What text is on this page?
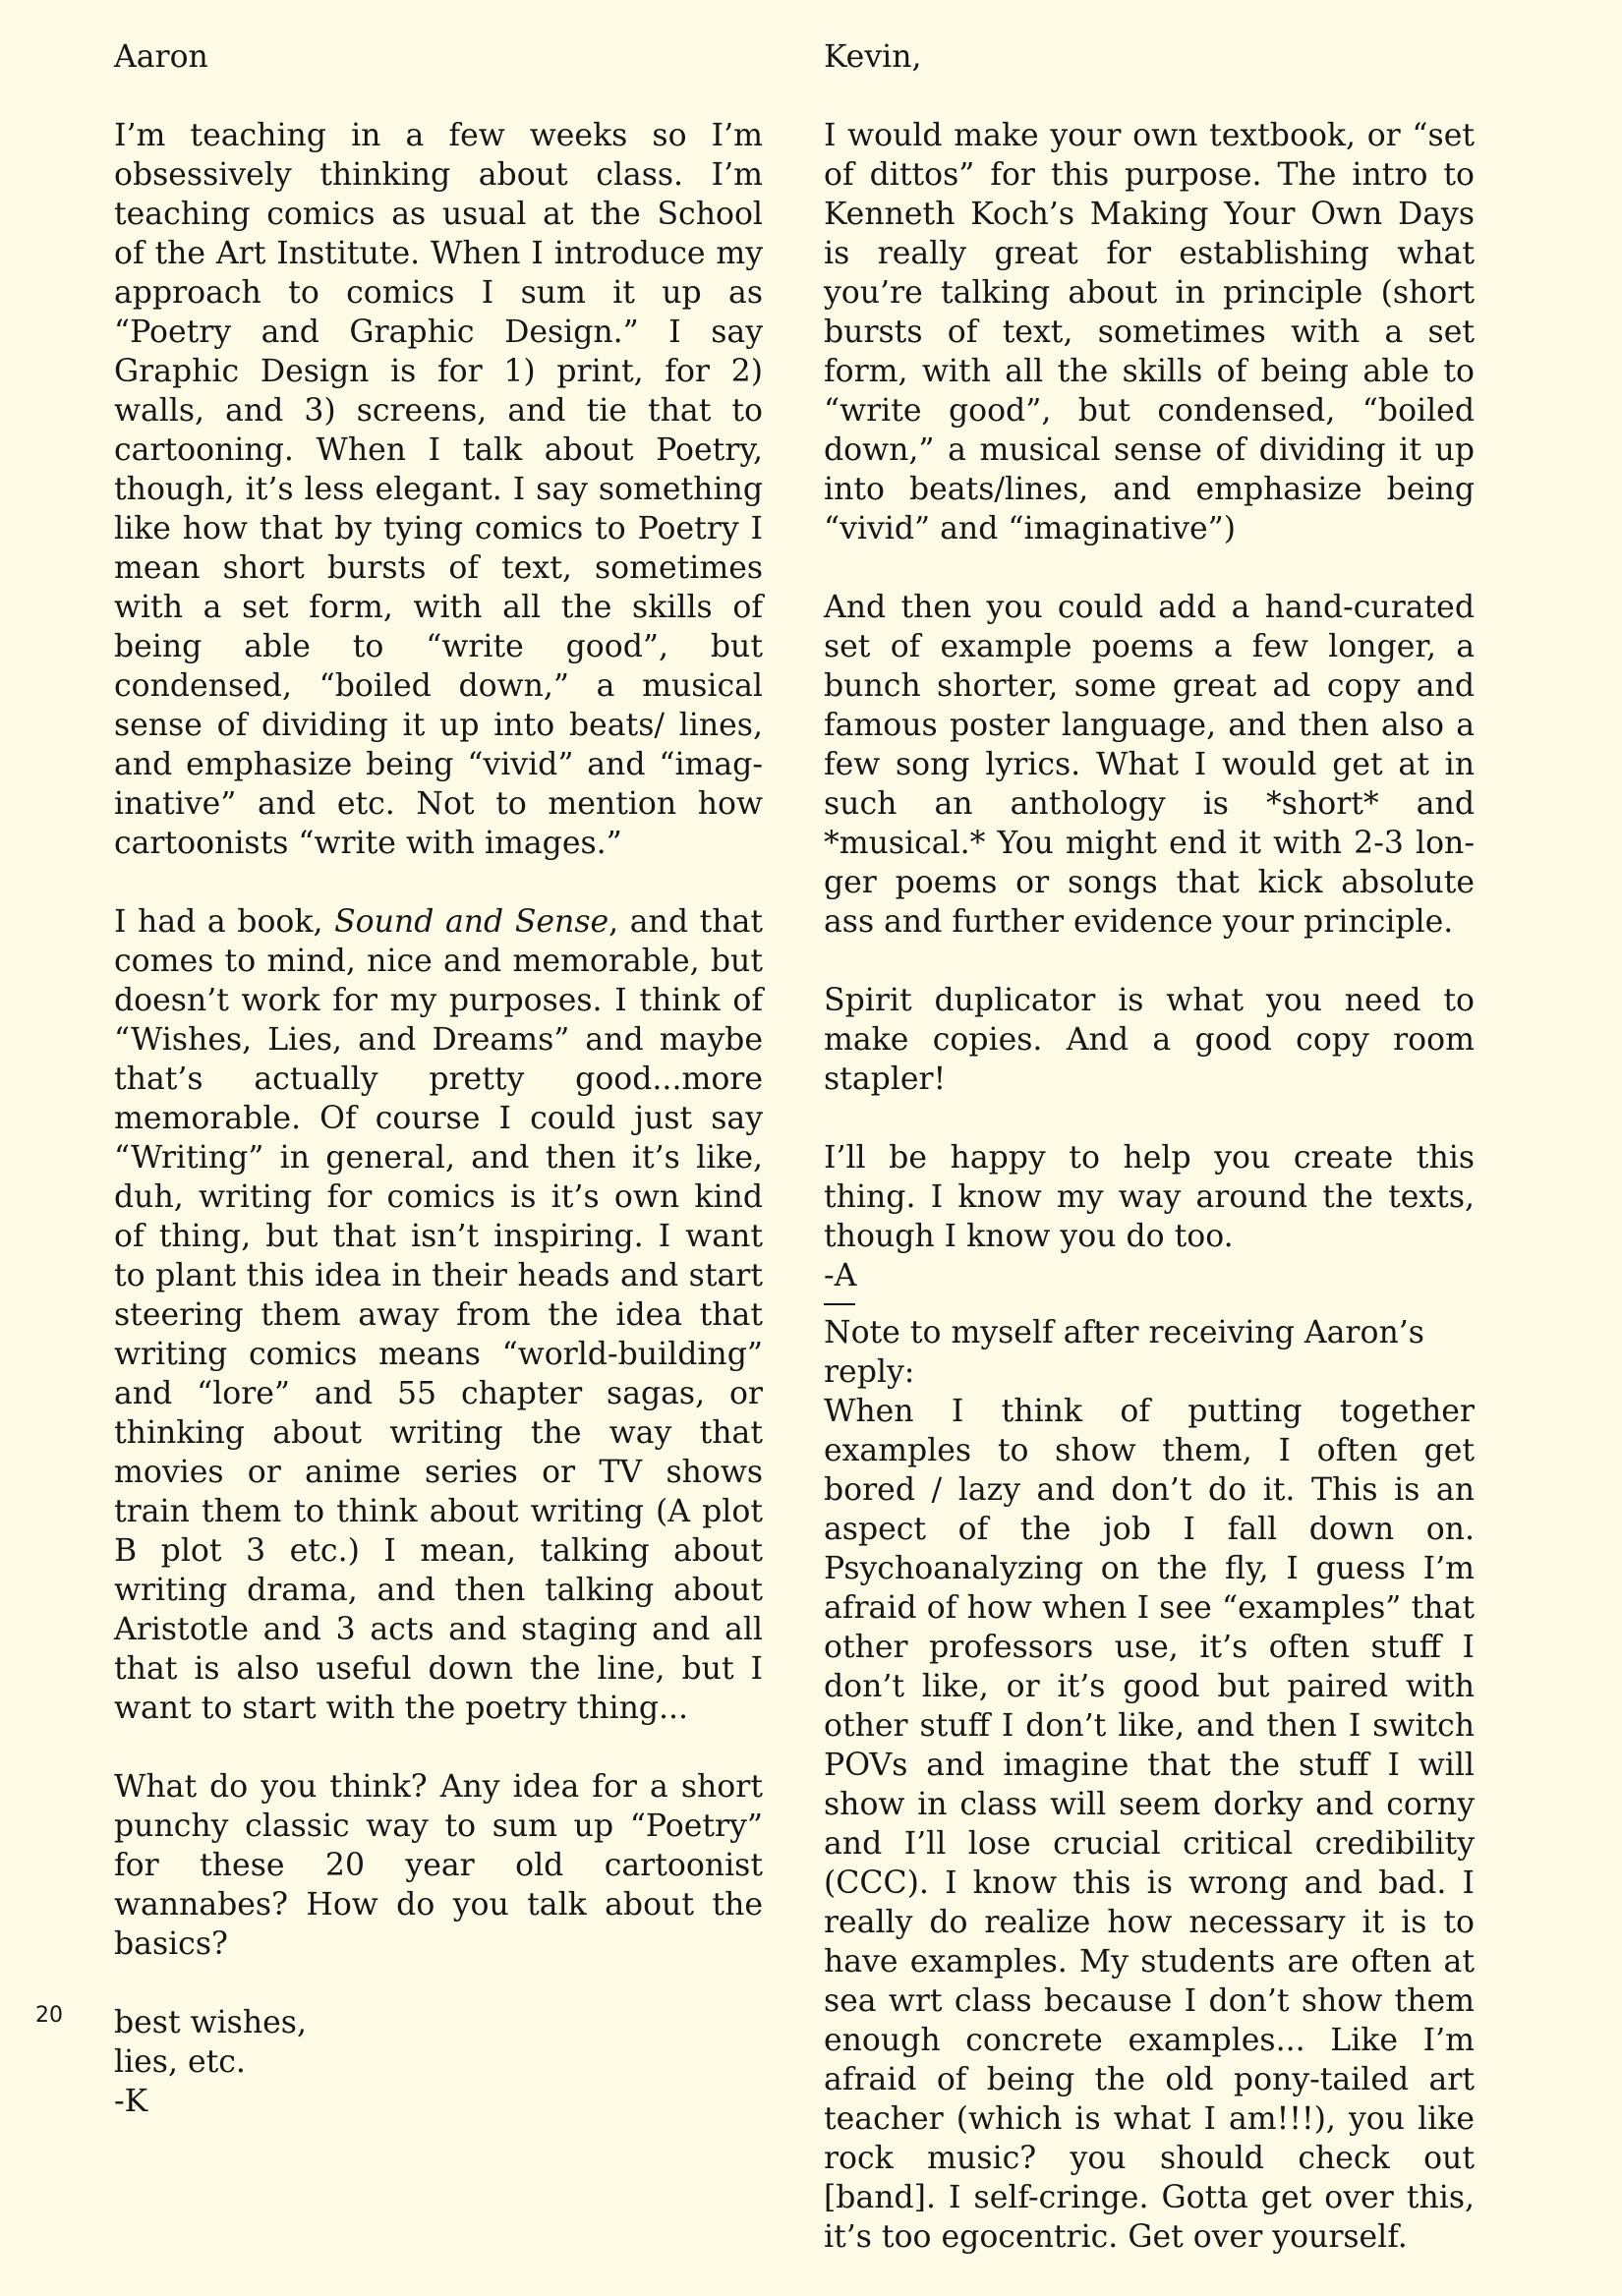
Aaron

I’m teaching in a few weeks so I’m obsessively thinking about class. I’m teaching comics as usual at the School of the Art Institute. When I introduce my approach to comics I sum it up as “Poetry and Graphic Design.” I say Graphic Design is for 1) print, for 2) walls, and 3) screens, and tie that to cartooning. When I talk about Poetry, though, it’s less elegant. I say something like how that by tying comics to Poetry I mean short bursts of text, sometimes with a set form, with all the skills of being able to “write good”, but condensed, “boiled down,” a musical sense of dividing it up into beats/ lines, and emphasize being “vivid” and “imaginative” and etc. Not to mention how cartoonists “write with images.”

I had a book, Sound and Sense, and that comes to mind, nice and memorable, but doesn’t work for my purposes. I think of “Wishes, Lies, and Dreams” and maybe that’s actually pretty good...more memorable. Of course I could just say “Writing” in general, and then it’s like, duh, writing for comics is it’s own kind of thing, but that isn’t inspiring. I want to plant this idea in their heads and start steering them away from the idea that writing comics means “world-building” and “lore” and 55 chapter sagas, or thinking about writing the way that movies or anime series or TV shows train them to think about writing (A plot B plot 3 etc.) I mean, talking about writing drama, and then talking about Aristotle and 3 acts and staging and all that is also useful down the line, but I want to start with the poetry thing...

What do you think? Any idea for a short punchy classic way to sum up “Poetry” for these 20 year old cartoonist wannabes? How do you talk about the basics?

best wishes,

lies, etc.

-K

Kevin,

I would make your own textbook, or “set of dittos” for this purpose. The intro to Kenneth Koch’s Making Your Own Days is really great for establishing what you’re talking about in principle (short bursts of text, sometimes with a set form, with all the skills of being able to “write good”, but condensed, “boiled down,” a musical sense of dividing it up into beats/lines, and emphasize being “vivid” and “imaginative”)

And then you could add a hand-curated set of example poems a few longer, a bunch shorter, some great ad copy and famous poster language, and then also a few song lyrics. What I would get at in such an anthology is *short* and *musical.* You might end it with 2-3 longer poems or songs that kick absolute ass and further evidence your principle.

Spirit duplicator is what you need to make copies. And a good copy room stapler!

I’ll be happy to help you create this thing. I know my way around the texts, though I know you do too.

-A

Note to myself after receiving Aaron’s reply:

When I think of putting together examples to show them, I often get bored / lazy and don’t do it. This is an aspect of the job I fall down on. Psychoanalyzing on the fly, I guess I’m afraid of how when I see “examples” that other professors use, it’s often stuff I don’t like, or it’s good but paired with other stuff I don’t like, and then I switch POVs and imagine that the stuff I will show in class will seem dorky and corny and I’ll lose crucial critical credibility (CCC). I know this is wrong and bad. I really do realize how necessary it is to have examples. My students are often at sea wrt class because I don’t show them enough concrete examples... Like I’m afraid of being the old pony-tailed art teacher (which is what I am!!!), you like rock music? you should check out [band]. I self-cringe. Gotta get over this, it’s too egocentric. Get over yourself.

20
